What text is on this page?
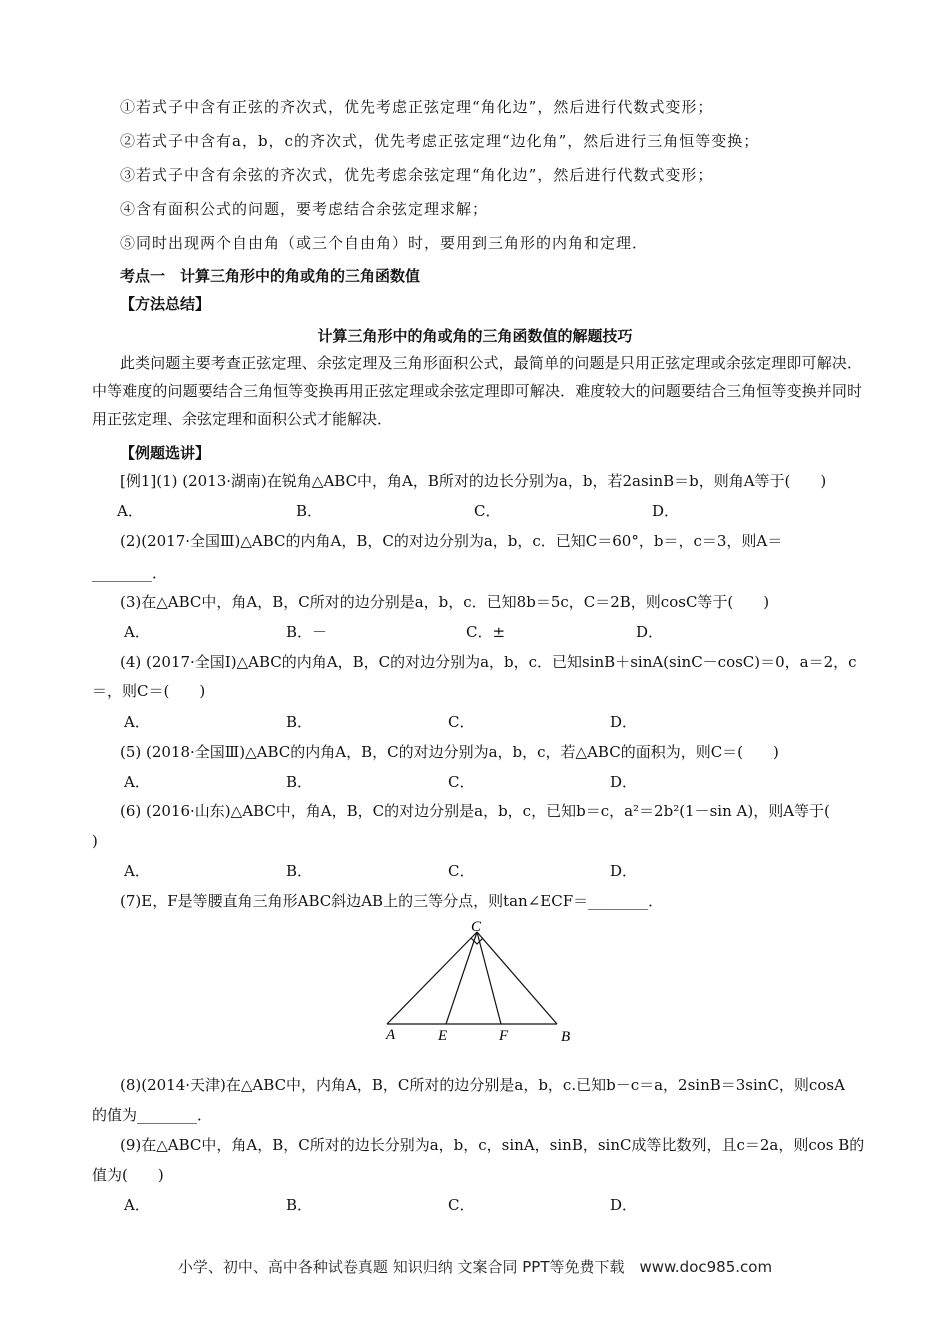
①若式子中含有正弦的齐次式，优先考虑正弦定理“角化边”，然后进行代数式变形；
②若式子中含有a，b，c的齐次式，优先考虑正弦定理“边化角”，然后进行三角恒等变换；
③若式子中含有余弦的齐次式，优先考虑余弦定理“角化边”，然后进行代数式变形；
④含有面积公式的问题，要考虑结合余弦定理求解；
⑤同时出现两个自由角（或三个自由角）时，要用到三角形的内角和定理．
考点一　计算三角形中的角或角的三角函数值
【方法总结】
计算三角形中的角或角的三角函数值的解题技巧
此类问题主要考查正弦定理、余弦定理及三角形面积公式，最简单的问题是只用正弦定理或余弦定理即可解决．中等难度的问题要结合三角恒等变换再用正弦定理或余弦定理即可解决．难度较大的问题要结合三角恒等变换并同时用正弦定理、余弦定理和面积公式才能解决．
【例题选讲】
[例1](1) (2013·湖南)在锐角△ABC中，角A，B所对的边长分别为a，b，若2asinB＝b，则角A等于(　　)
A．	B．	C．	D．
(2)(2017·全国Ⅲ)△ABC的内角A，B，C的对边分别为a，b，c．已知C＝60°，b＝，c＝3，则A＝
________．
(3)在△ABC中，角A，B，C所对的边分别是a，b，c．已知8b＝5c，C＝2B，则cosC等于(　　)
A．	B．－	C．±	D．
(4) (2017·全国Ⅰ)△ABC的内角A，B，C的对边分别为a，b，c．已知sinB＋sinA(sinC－cosC)＝0，a＝2，c
＝，则C＝(　　)
A．	B．	C．	D．
(5) (2018·全国Ⅲ)△ABC的内角A，B，C的对边分别为a，b，c，若△ABC的面积为，则C＝(　　)
A．	B．	C．	D．
(6) (2016·山东)△ABC中，角A，B，C的对边分别是a，b，c，已知b＝c，a²＝2b²(1－sin A)，则A等于(
)
A．	B．	C．	D．
(7)E，F是等腰直角三角形ABC斜边AB上的三等分点，则tan∠ECF＝________．
C
A	E	F	B
(8)(2014·天津)在△ABC中，内角A，B，C所对的边分别是a，b，c.已知b－c＝a，2sinB＝3sinC，则cosA
的值为________．
(9)在△ABC中，角A，B，C所对的边长分别为a，b，c，sinA，sinB，sinC成等比数列，且c＝2a，则cos B的
值为(　　)
A．	B．	C．	D．
小学、初中、高中各种试卷真题 知识归纳 文案合同 PPT等免费下载　www.doc985.com
